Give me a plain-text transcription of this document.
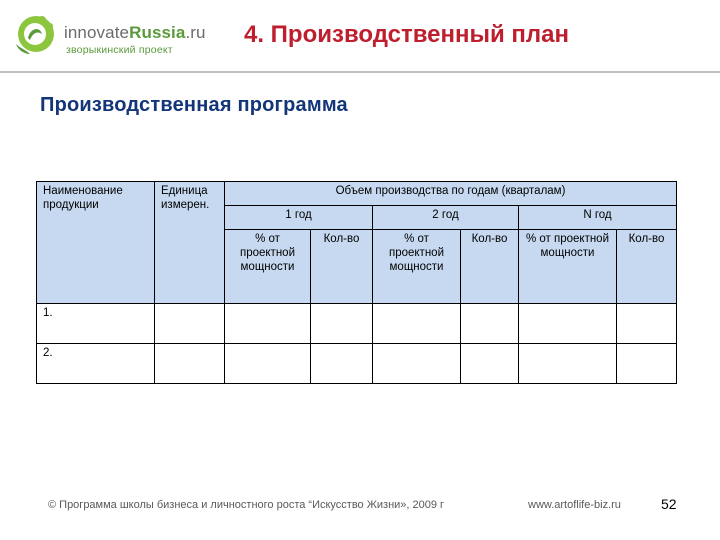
innovateRussia.ru
зворыкинский проект
4. Производственный план
Производственная программа
Наименование продукции	Единица измерен.	Объем производства по годам (кварталам)					
		1 год		2 год		N год	
		% от проектной мощности	Кол-во	% от проектной мощности	Кол-во	% от проектной мощности	Кол-во
1.							
2.							
© Программа школы бизнеса и личностного роста “Искусство Жизни», 2009 г	www.artoflife-biz.ru	52
